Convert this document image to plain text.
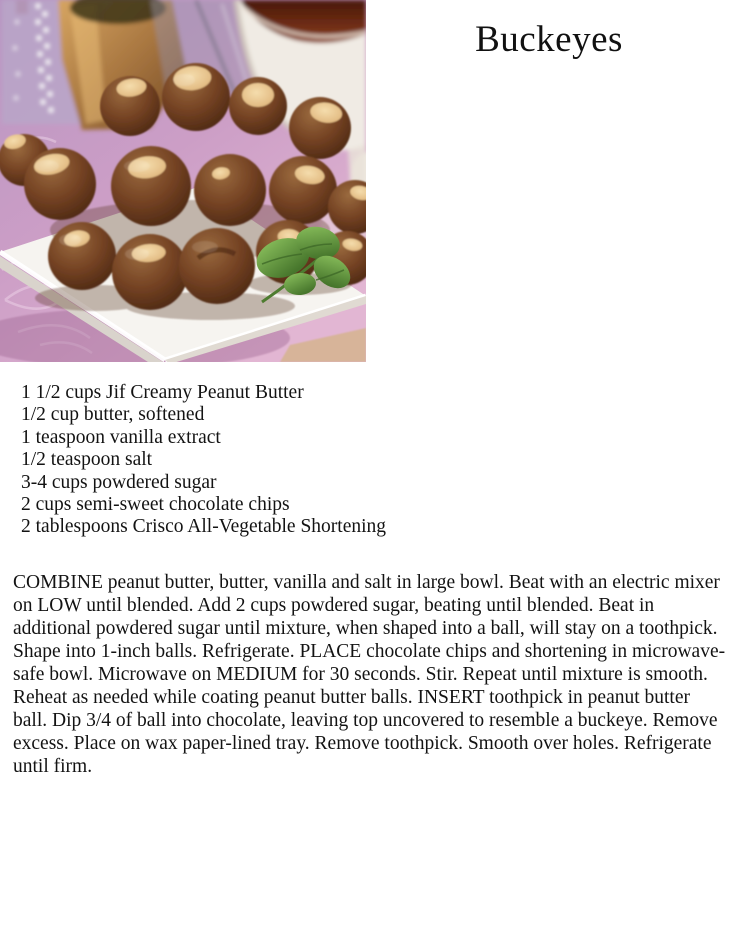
Buckeyes
1 1/2 cups Jif Creamy Peanut Butter
1/2 cup butter, softened
1 teaspoon vanilla extract
1/2 teaspoon salt
3-4 cups powdered sugar
2 cups semi-sweet chocolate chips
2 tablespoons Crisco All-Vegetable Shortening

COMBINE peanut butter, butter, vanilla and salt in large bowl. Beat with an electric mixer on LOW until blended. Add 2 cups powdered sugar, beating until blended. Beat in additional powdered sugar until mixture, when shaped into a ball, will stay on a toothpick. Shape into 1-inch balls. Refrigerate. PLACE chocolate chips and shortening in microwave-safe bowl. Microwave on MEDIUM for 30 seconds. Stir. Repeat until mixture is smooth. Reheat as needed while coating peanut butter balls. INSERT toothpick in peanut butter ball. Dip 3/4 of ball into chocolate, leaving top uncovered to resemble a buckeye. Remove excess. Place on wax paper-lined tray. Remove toothpick. Smooth over holes. Refrigerate until firm.
